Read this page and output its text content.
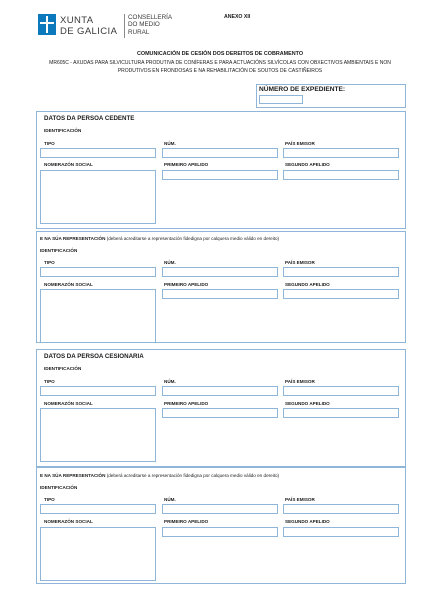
XUNTA
DE GALICIA
CONSELLERÍA
DO MEDIO
RURAL
ANEXO XII
COMUNICACIÓN DE CESIÓN DOS DEREITOS DE COBRAMENTO
MR605C - AXUDAS PARA SILVICULTURA PRODUTIVA DE CONÍFERAS E PARA ACTUACIÓNS SILVÍCOLAS CON OBXECTIVOS AMBIENTAIS E NON
PRODUTIVOS EN FRONDOSAS E NA REHABILITACIÓN DE SOUTOS DE CASTIÑEIROS
NÚMERO DE EXPEDIENTE:
DATOS DA PERSOA CEDENTE
IDENTIFICACIÓN
TIPO	NÚM.	PAÍS EMISOR
NOMERAZÓN SOCIAL	PRIMEIRO APELIDO	SEGUNDO APELIDO
E NA SÚA REPRESENTACIÓN (deberá acreditarse a representación fidedigna por calquera medio válido en dereito)
IDENTIFICACIÓN
TIPO	NÚM.	PAÍS EMISOR
NOMERAZÓN SOCIAL	PRIMEIRO APELIDO	SEGUNDO APELIDO
DATOS DA PERSOA CESIONARIA
IDENTIFICACIÓN
TIPO	NÚM.	PAÍS EMISOR
NOMERAZÓN SOCIAL	PRIMEIRO APELIDO	SEGUNDO APELIDO
E NA SÚA REPRESENTACIÓN (deberá acreditarse a representación fidedigna por calquera medio válido en dereito)
IDENTIFICACIÓN
TIPO	NÚM.	PAÍS EMISOR
NOMERAZÓN SOCIAL	PRIMEIRO APELIDO	SEGUNDO APELIDO
